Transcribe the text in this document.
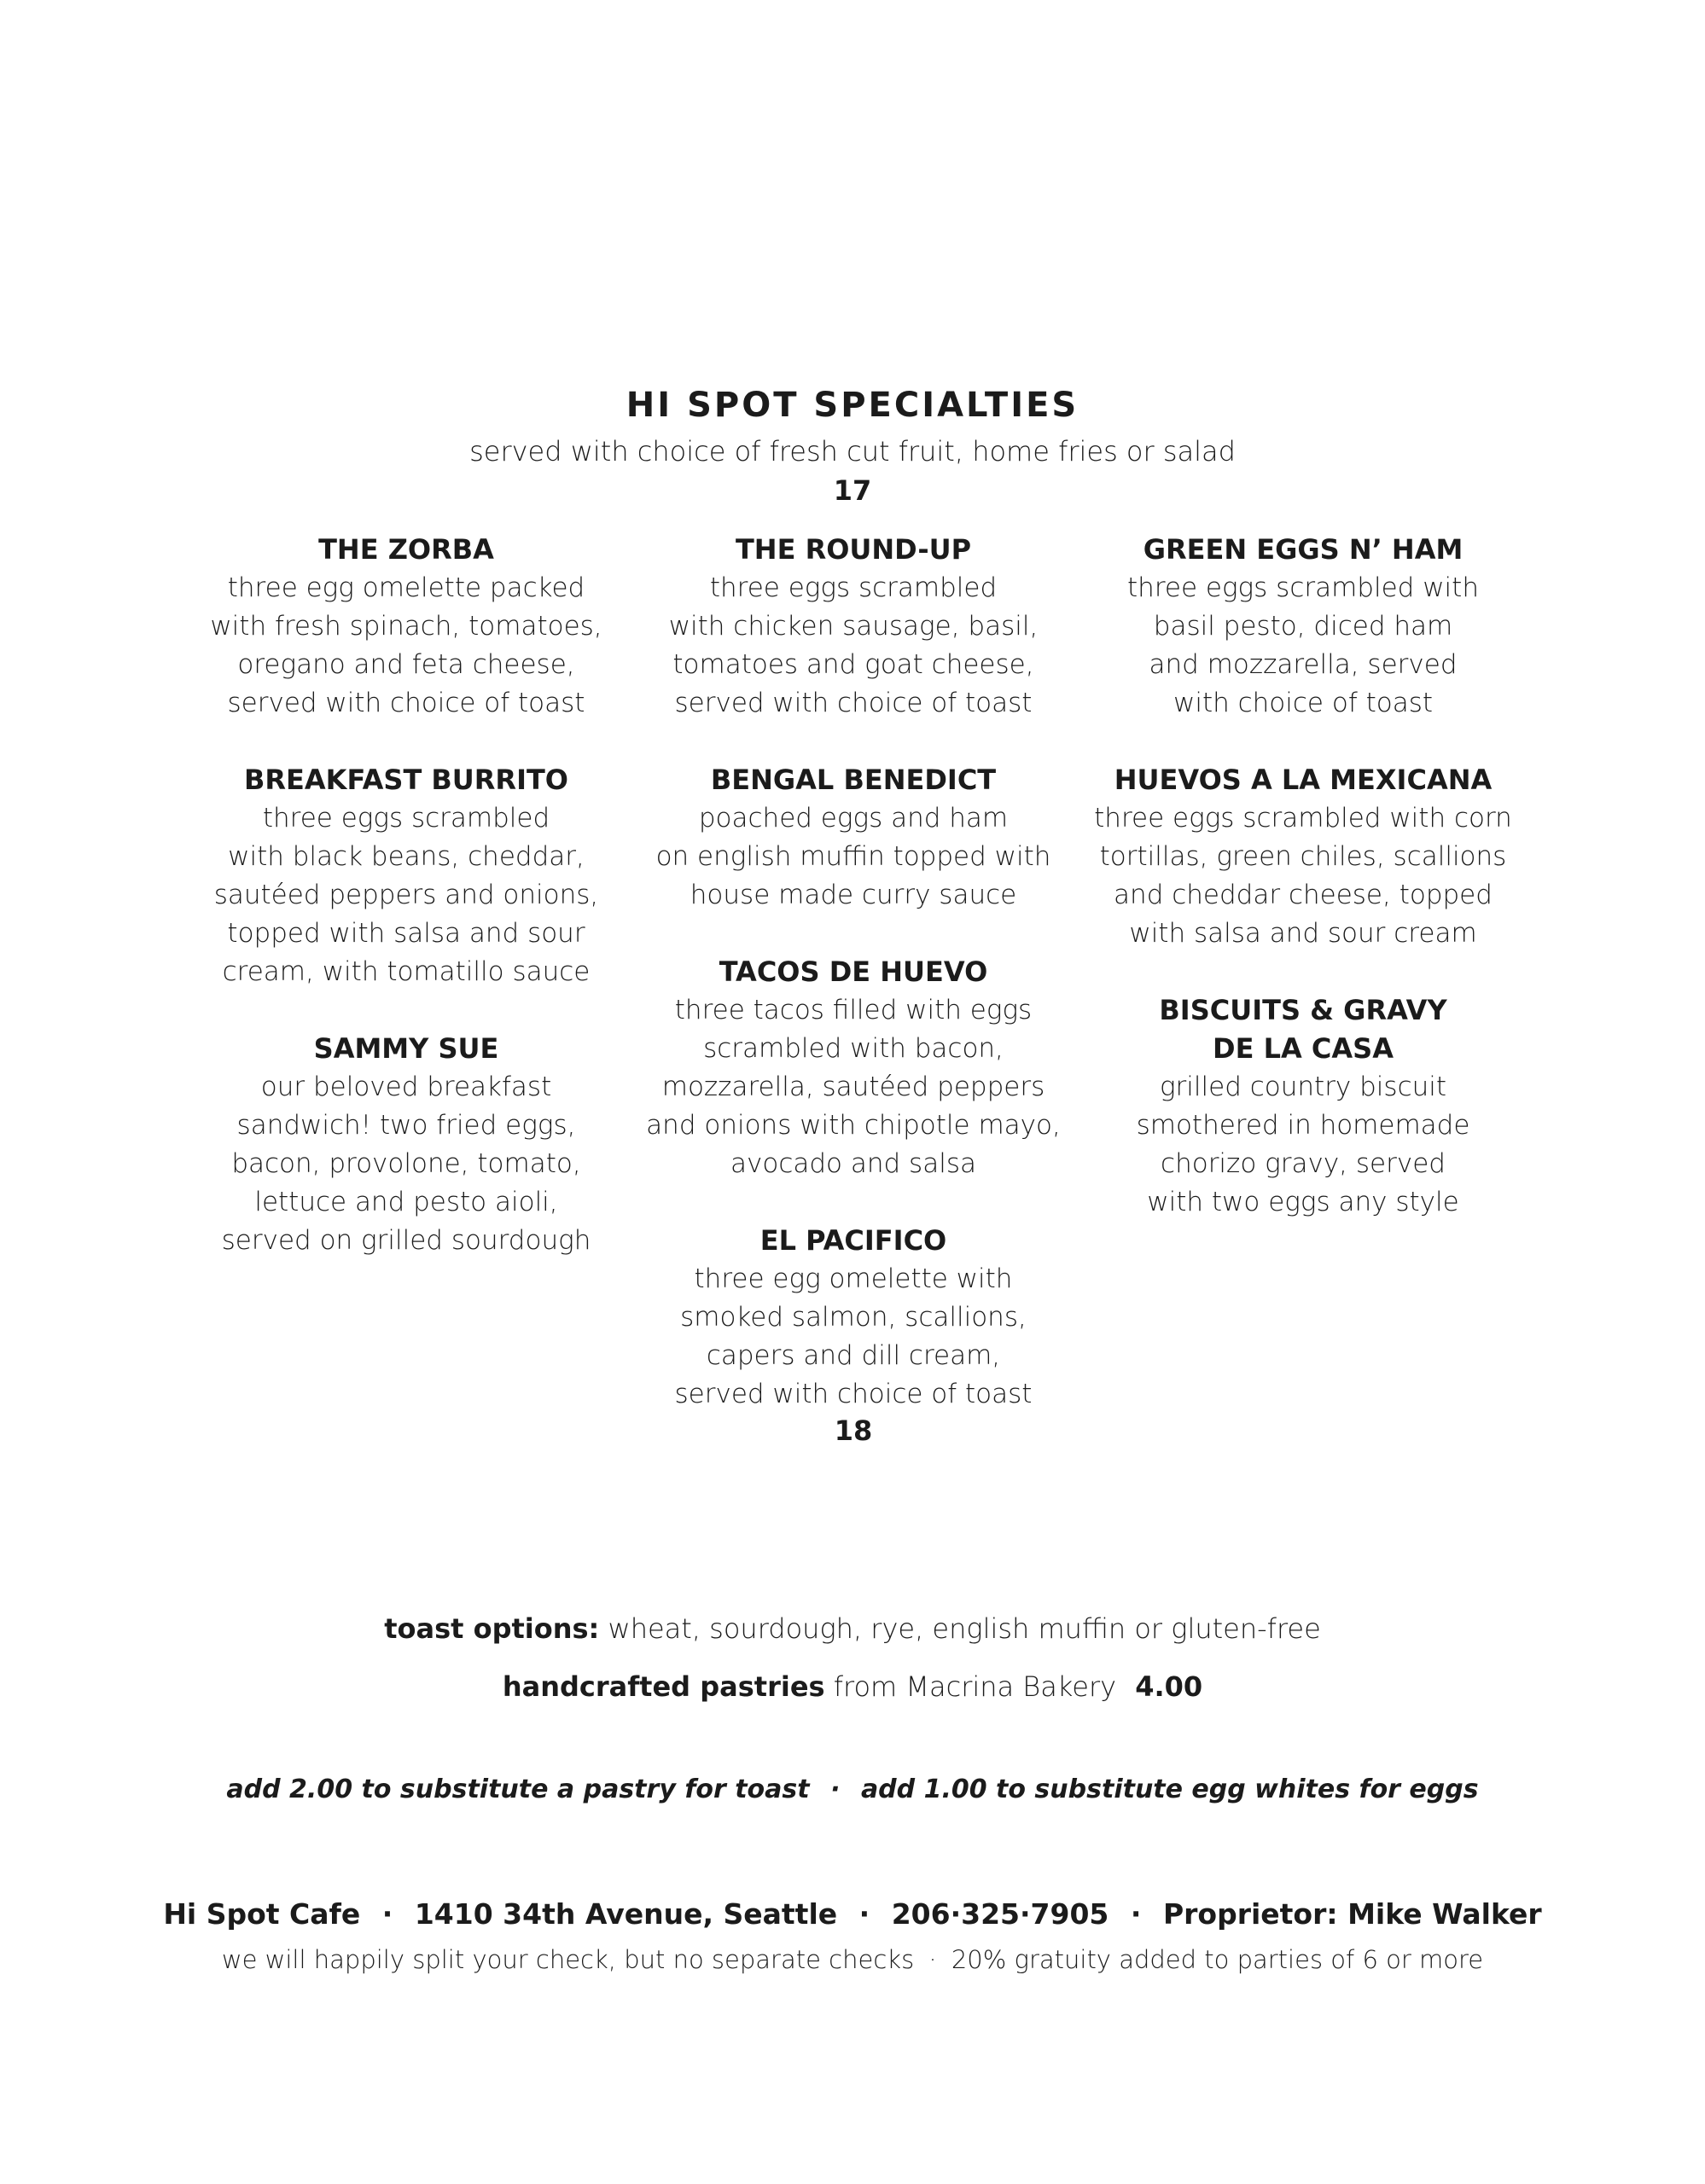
HI SPOT SPECIALTIES
served with choice of fresh cut fruit, home fries or salad
17
THE ZORBA
three egg omelette packed
with fresh spinach, tomatoes,
oregano and feta cheese,
served with choice of toast
BREAKFAST BURRITO
three eggs scrambled
with black beans, cheddar,
sautéed peppers and onions,
topped with salsa and sour
cream, with tomatillo sauce
SAMMY SUE
our beloved breakfast
sandwich! two fried eggs,
bacon, provolone, tomato,
lettuce and pesto aioli,
served on grilled sourdough
THE ROUND-UP
three eggs scrambled
with chicken sausage, basil,
tomatoes and goat cheese,
served with choice of toast
BENGAL BENEDICT
poached eggs and ham
on english muffin topped with
house made curry sauce
TACOS DE HUEVO
three tacos filled with eggs
scrambled with bacon,
mozzarella, sautéed peppers
and onions with chipotle mayo,
avocado and salsa
EL PACIFICO
three egg omelette with
smoked salmon, scallions,
capers and dill cream,
served with choice of toast
18
GREEN EGGS N’ HAM
three eggs scrambled with
basil pesto, diced ham
and mozzarella, served
with choice of toast
HUEVOS A LA MEXICANA
three eggs scrambled with corn
tortillas, green chiles, scallions
and cheddar cheese, topped
with salsa and sour cream
BISCUITS & GRAVY
DE LA CASA
grilled country biscuit
smothered in homemade
chorizo gravy, served
with two eggs any style
toast options: wheat, sourdough, rye, english muffin or gluten-free
handcrafted pastries from Macrina Bakery 4.00
add 2.00 to substitute a pastry for toast · add 1.00 to substitute egg whites for eggs
Hi Spot Cafe · 1410 34th Avenue, Seattle · 206·325·7905 · Proprietor: Mike Walker
we will happily split your check, but no separate checks · 20% gratuity added to parties of 6 or more
